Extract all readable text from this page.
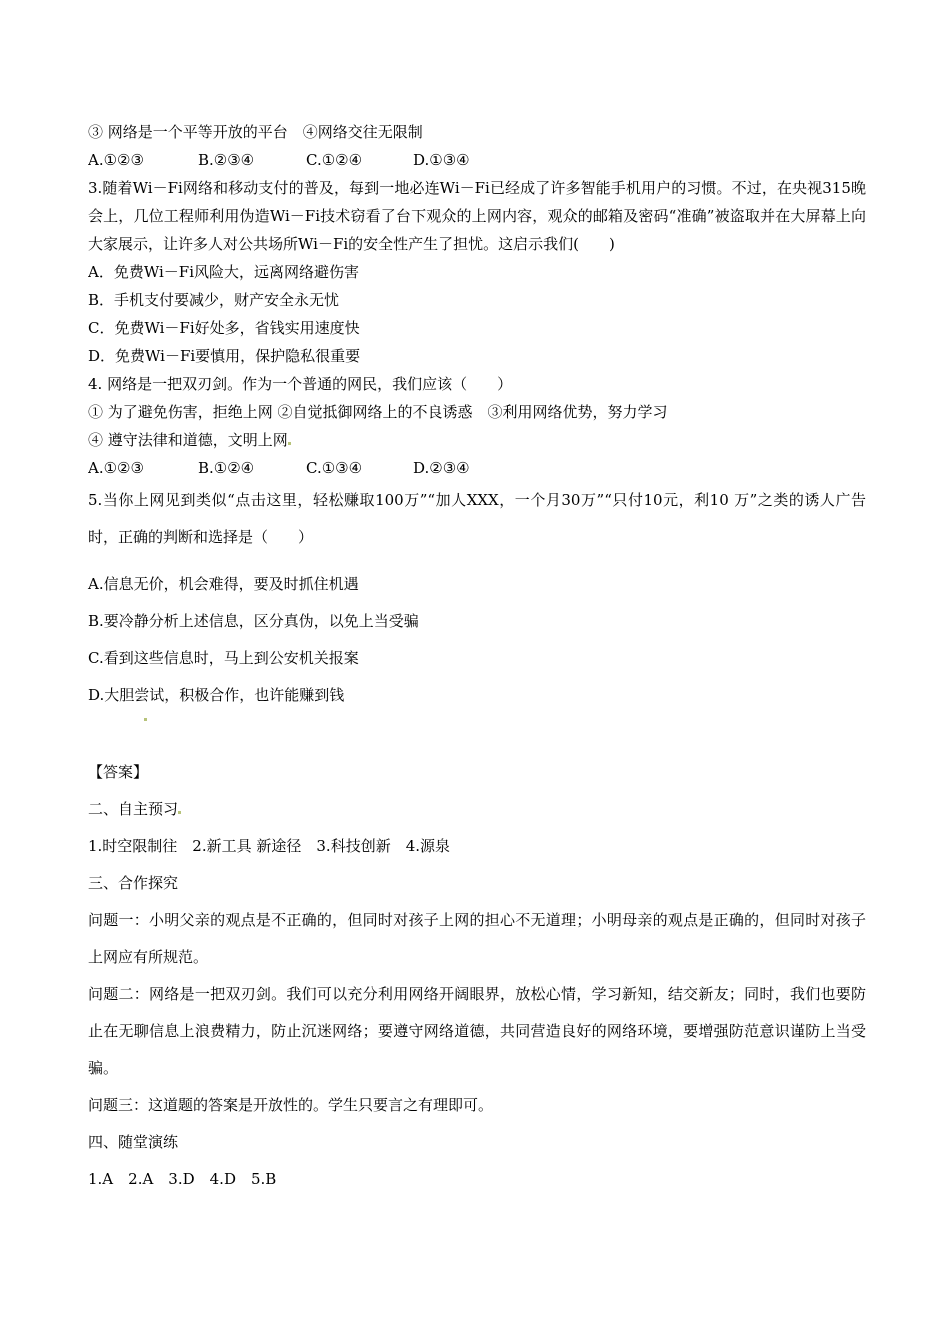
③ 网络是一个平等开放的平台　④网络交往无限制
A.①②③	B.②③④	C.①②④	D.①③④
3.随着Wi－Fi网络和移动支付的普及，每到一地必连Wi－Fi已经成了许多智能手机用户的习惯。不过，在央视315晚会上，几位工程师利用伪造Wi－Fi技术窃看了台下观众的上网内容，观众的邮箱及密码“准确”被盗取并在大屏幕上向大家展示，让许多人对公共场所Wi－Fi的安全性产生了担忧。这启示我们(　　)
A．免费Wi－Fi风险大，远离网络避伤害
B．手机支付要减少，财产安全永无忧
C．免费Wi－Fi好处多，省钱实用速度快
D．免费Wi－Fi要慎用，保护隐私很重要
4. 网络是一把双刃剑。作为一个普通的网民，我们应该（　　）
① 为了避免伤害，拒绝上网 ②自觉抵御网络上的不良诱惑　③利用网络优势，努力学习
④ 遵守法律和道德，文明上网
A.①②③	B.①②④	C.①③④	D.②③④
5.当你上网见到类似“点击这里，轻松赚取100万”“加人XXX，一个月30万”“只付10元，利10 万”之类的诱人广告时，正确的判断和选择是（　　）
A.信息无价，机会难得，要及时抓住机遇
B.要冷静分析上述信息，区分真伪，以免上当受骗
C.看到这些信息时，马上到公安机关报案
D.大胆尝试，积极合作，也许能赚到钱
【答案】
二、自主预习
1.时空限制往　2.新工具 新途径　3.科技创新　4.源泉
三、合作探究
问题一：小明父亲的观点是不正确的，但同时对孩子上网的担心不无道理；小明母亲的观点是正确的，但同时对孩子上网应有所规范。
问题二：网络是一把双刃剑。我们可以充分利用网络开阔眼界，放松心情，学习新知，结交新友；同时，我们也要防止在无聊信息上浪费精力，防止沉迷网络；要遵守网络道德，共同营造良好的网络环境，要增强防范意识谨防上当受骗。
问题三：这道题的答案是开放性的。学生只要言之有理即可。
四、随堂演练
1.A　2.A　3.D　4.D　5.B
